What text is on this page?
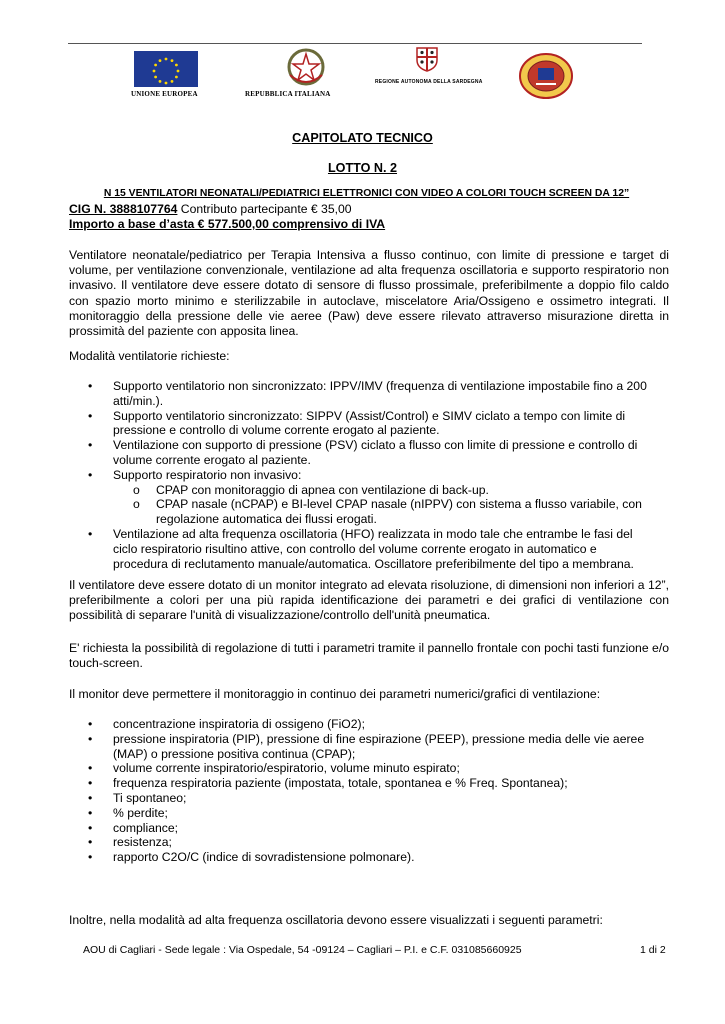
UNIONE EUROPEA	REPUBBLICA ITALIANA
REGIONE AUTONOMA DELLA SARDEGNA
CAPITOLATO TECNICO
LOTTO N. 2
N 15 VENTILATORI NEONATALI/PEDIATRICI ELETTRONICI CON VIDEO A COLORI TOUCH SCREEN DA 12”
CIG N. 3888107764 Contributo partecipante € 35,00
Importo a base d’asta € 577.500,00 comprensivo di IVA
Ventilatore neonatale/pediatrico per Terapia Intensiva a flusso continuo, con limite di pressione e target di volume, per ventilazione convenzionale, ventilazione ad alta frequenza oscillatoria e supporto respiratorio non invasivo. Il ventilatore deve essere dotato di sensore di flusso prossimale, preferibilmente a doppio filo caldo con spazio morto minimo e sterilizzabile in autoclave, miscelatore Aria/Ossigeno e ossimetro integrati. Il monitoraggio della pressione delle vie aeree (Paw) deve essere rilevato attraverso misurazione diretta in prossimità del paziente con apposita linea.
Modalità ventilatorie richieste:
• Supporto ventilatorio non sincronizzato: IPPV/IMV (frequenza di ventilazione impostabile fino a 200 atti/min.).
• Supporto ventilatorio sincronizzato: SIPPV (Assist/Control) e SIMV ciclato a tempo con limite di pressione e controllo di volume corrente erogato al paziente.
• Ventilazione con supporto di pressione (PSV) ciclato a flusso con limite di pressione e controllo di volume corrente erogato al paziente.
• Supporto respiratorio non invasivo:
o CPAP con monitoraggio di apnea con ventilazione di back-up.
o CPAP nasale (nCPAP) e BI-level CPAP nasale (nIPPV) con sistema a flusso variabile, con regolazione automatica dei flussi erogati.
• Ventilazione ad alta frequenza oscillatoria (HFO) realizzata in modo tale che entrambe le fasi del ciclo respiratorio risultino attive, con controllo del volume corrente erogato in automatico e procedura di reclutamento manuale/automatica. Oscillatore preferibilmente del tipo a membrana.
Il ventilatore deve essere dotato di un monitor integrato ad elevata risoluzione, di dimensioni non inferiori a 12”, preferibilmente a colori per una più rapida identificazione dei parametri e dei grafici di ventilazione con possibilità di separare l'unità di visualizzazione/controllo dell'unità pneumatica.
E' richiesta la possibilità di regolazione di tutti i parametri tramite il pannello frontale con pochi tasti funzione e/o touch-screen.
Il monitor deve permettere il monitoraggio in continuo dei parametri numerici/grafici di ventilazione:
• concentrazione inspiratoria di ossigeno (FiO2);
• pressione inspiratoria (PIP), pressione di fine espirazione (PEEP), pressione media delle vie aeree (MAP) o pressione positiva continua (CPAP);
• volume corrente inspiratorio/espiratorio, volume minuto espirato;
• frequenza respiratoria paziente (impostata, totale, spontanea e % Freq. Spontanea);
• Ti spontaneo;
• % perdite;
• compliance;
• resistenza;
• rapporto C2O/C (indice di sovradistensione polmonare).
Inoltre, nella modalità ad alta frequenza oscillatoria devono essere visualizzati i seguenti parametri:
AOU di Cagliari - Sede legale : Via Ospedale, 54 -09124 – Cagliari – P.I. e C.F. 031085660925	1 di 2
